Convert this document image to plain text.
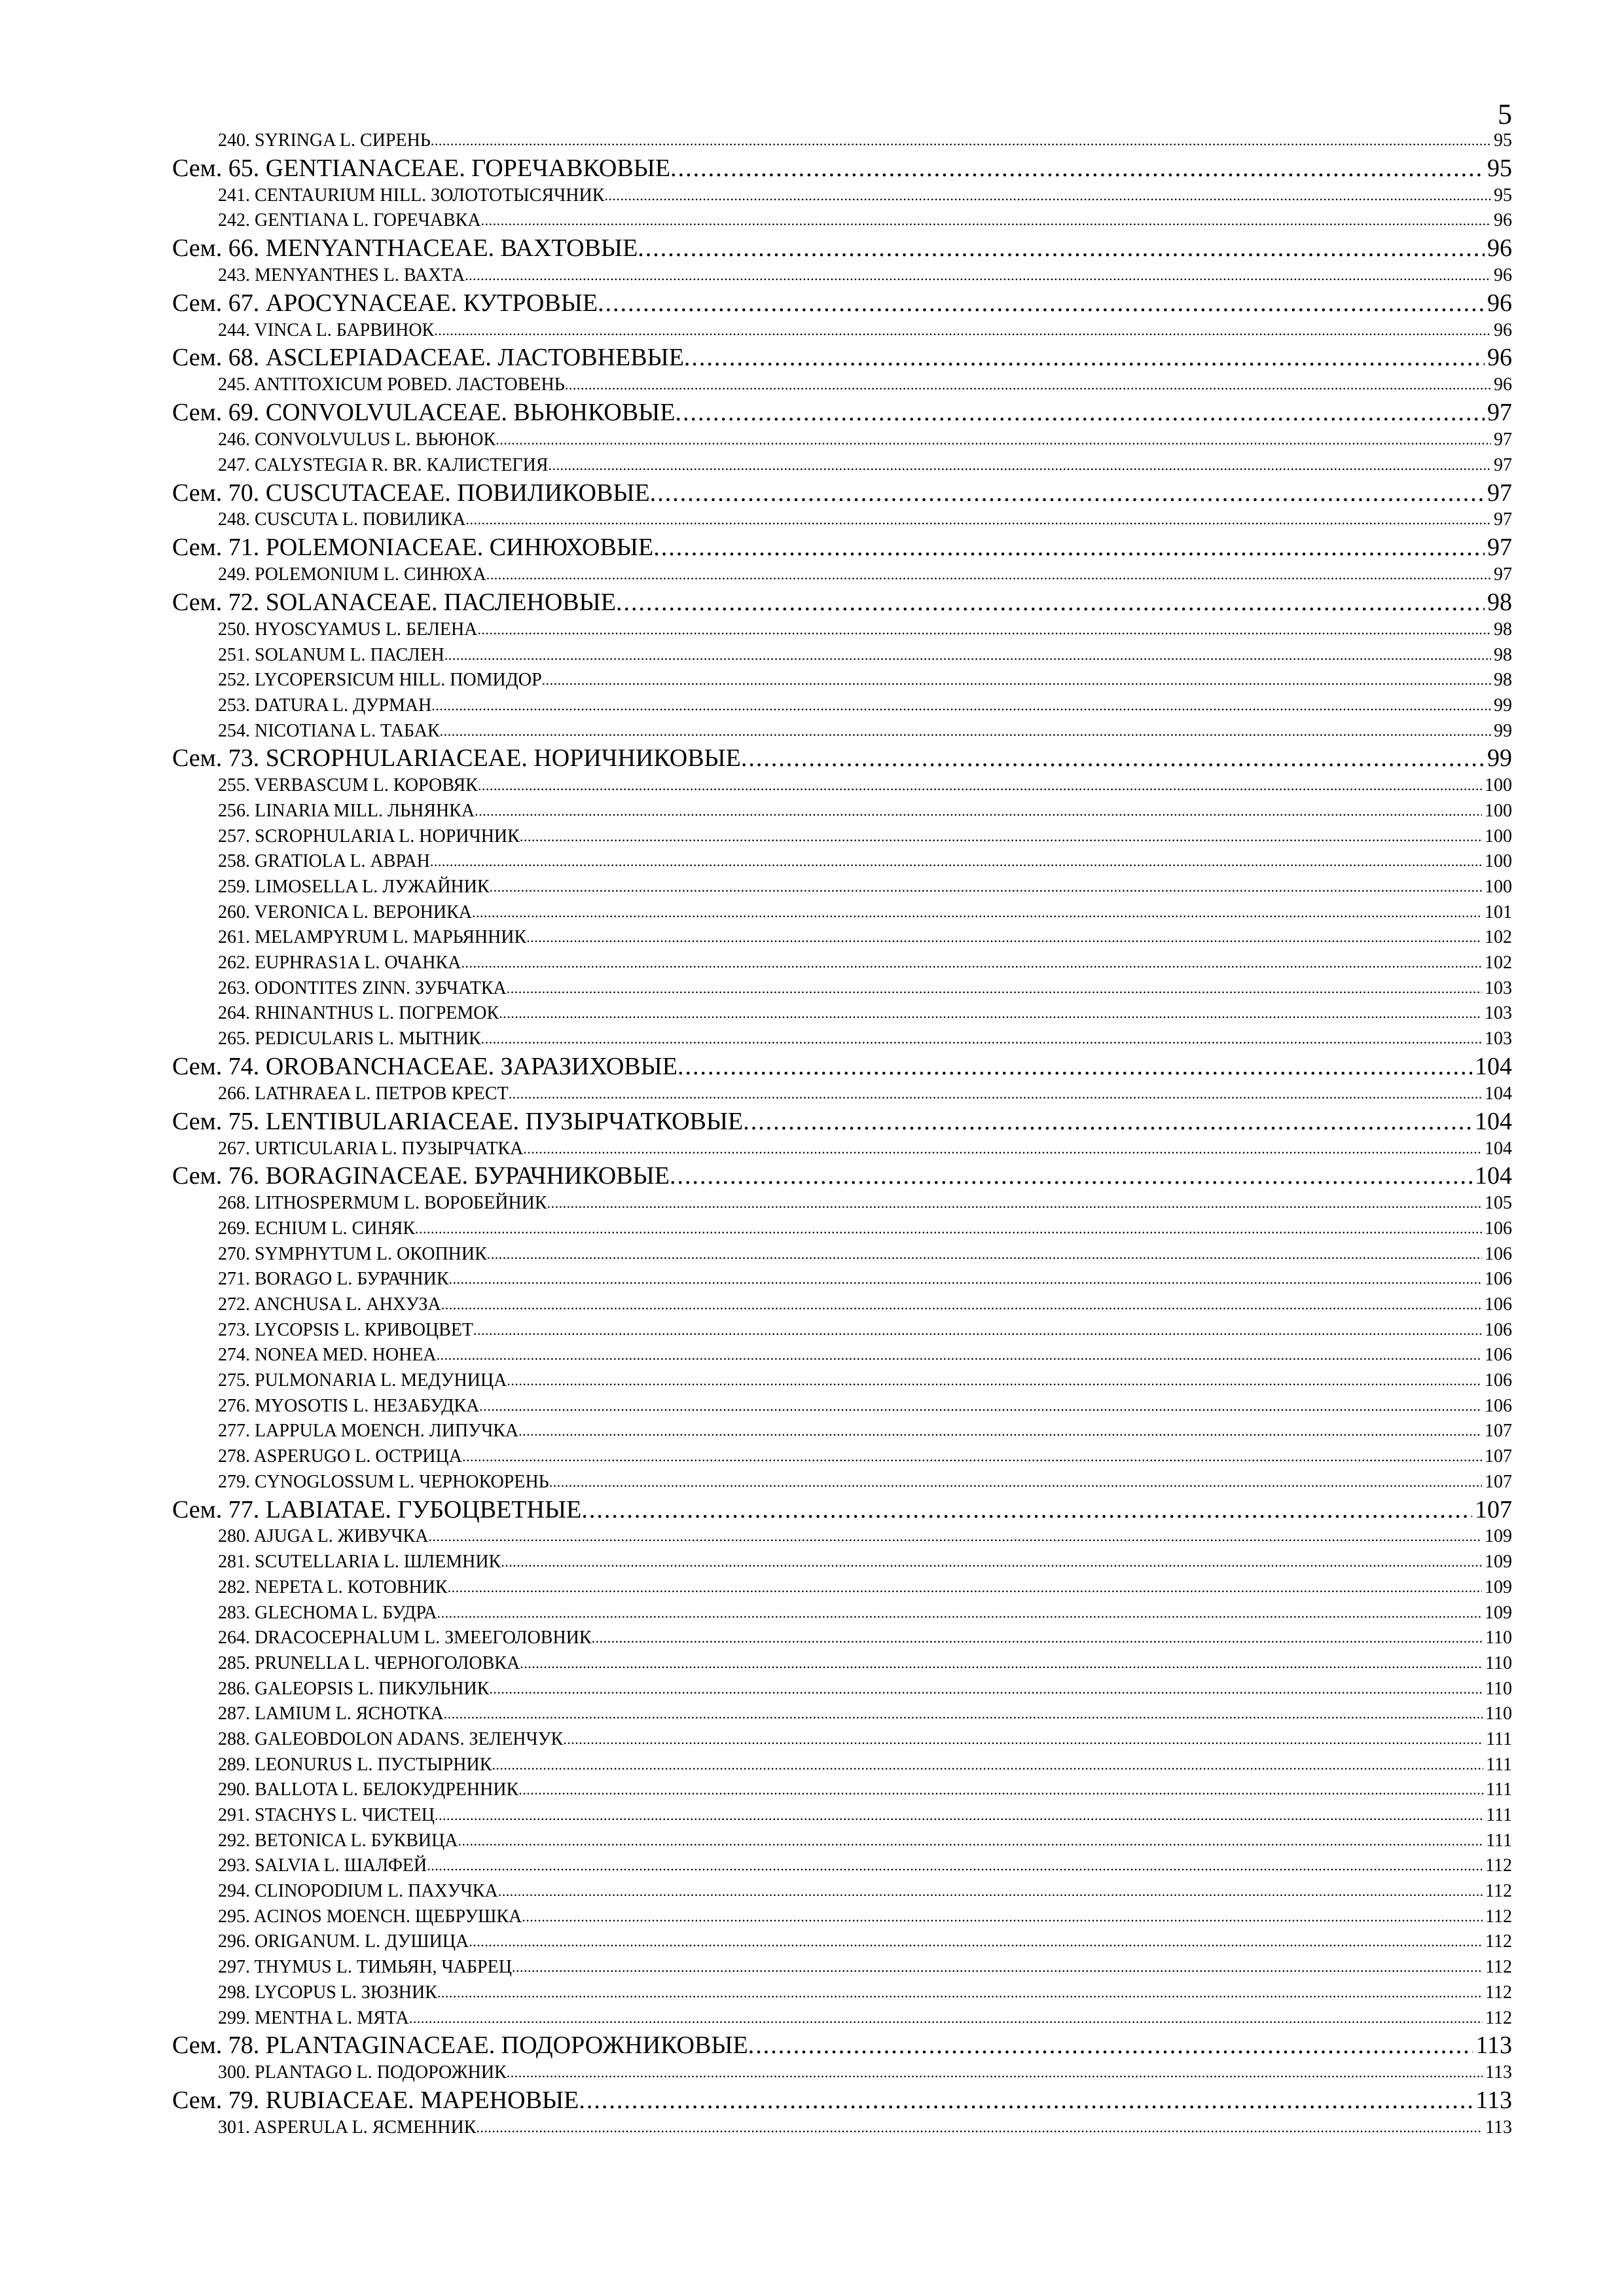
5
240. SYRINGA L. СИРЕНЬ .....	95
Сем. 65. GENTIANACEAE. ГОРЕЧАВКОВЫЕ .....	95
241. CENTAURIUM HILL. ЗОЛОТОТЫСЯЧНИК .....	95
242. GENTIANA L. ГОРЕЧАВКА .....	96
Сем. 66. MENYANTHACEAE. ВАХТОВЫЕ .....	96
243. MENYANTHES L. ВАХТА .....	96
Сем. 67. APOCYNACEAE. КУТРОВЫЕ .....	96
244. VINCA L. БАРВИНОК .....	96
Сем. 68. ASCLEPIADACEAE. ЛАСТОВНЕВЫЕ .....	96
245. ANTITOXICUM POBED. ЛАСТОВЕНЬ .....	96
Сем. 69. CONVOLVULACEAE. ВЬЮНКОВЫЕ .....	97
246. CONVOLVULUS L. ВЬЮНОК .....	97
247. CALYSTEGIA R. BR. КАЛИСТЕГИЯ .....	97
Сем. 70. CUSCUTACEAE. ПОВИЛИКОВЫЕ .....	97
248. CUSCUTA L. ПОВИЛИКА .....	97
Сем. 71. POLEMONIACEAE. СИНЮХОВЫЕ .....	97
249. POLEMONIUM L. СИНЮХА .....	97
Сем. 72. SOLANACEAE. ПАСЛЕНОВЫЕ .....	98
250. HYOSCYAMUS L. БЕЛЕНА .....	98
251. SOLANUM L. ПАСЛЕН .....	98
252. LYCOPERSICUM HILL. ПОМИДОР .....	98
253. DATURA L. ДУРМАН .....	99
254. NICOTIANA L. ТАБАК .....	99
Сем. 73. SCROPHULARIACEAE. НОРИЧНИКОВЫЕ .....	99
255. VERBASCUM L. КОРОВЯК .....	100
256. LINARIA MILL. ЛЬНЯНКА .....	100
257. SCROPHULARIA L. НОРИЧНИК .....	100
258. GRATIOLA L. АВРАН .....	100
259. LIMOSELLA L. ЛУЖАЙНИК .....	100
260. VERONICA L. ВЕРОНИКА .....	101
261. MELAMPYRUM L. МАРЬЯННИК .....	102
262. EUPHRAS1A L. ОЧАНКА .....	102
263. ODONTITES ZINN. ЗУБЧАТКА .....	103
264. RHINANTHUS L. ПОГРЕМОК .....	103
265. PEDICULARIS L. МЫТНИК .....	103
Сем. 74. OROBANCHACEAE. ЗАРАЗИХОВЫЕ .....	104
266. LATHRAEA L. ПЕТРОВ КРЕСТ .....	104
Сем. 75. LENTIBULARIACEAE. ПУЗЫРЧАТКОВЫЕ .....	104
267. URTICULARIA L. ПУЗЫРЧАТКА .....	104
Сем. 76. BORAGINACEAE. БУРАЧНИКОВЫЕ .....	104
268. LITHOSPERMUM L. ВОРОБЕЙНИК .....	105
269. ECHIUM L. СИНЯК .....	106
270. SYMPHYTUM L. ОКОПНИК .....	106
271. BORAGO L. БУРАЧНИК .....	106
272. ANCHUSA L. АНХУЗА .....	106
273. LYCOPSIS L. КРИВОЦВЕТ .....	106
274. NONEA MED. НОНЕА .....	106
275. PULMONARIA L. МЕДУНИЦА .....	106
276. MYOSOTIS L. НЕЗАБУДКА .....	106
277. LAPPULA MOENCH. ЛИПУЧКА .....	107
278. ASPERUGO L. ОСТРИЦА .....	107
279. CYNOGLOSSUM L. ЧЕРНОКОРЕНЬ .....	107
Сем. 77. LABIATAE. ГУБОЦВЕТНЫЕ .....	107
280. AJUGA L. ЖИВУЧКА .....	109
281. SCUTELLARIA L. ШЛЕМНИК .....	109
282. NEPETA L. КОТОВНИК .....	109
283. GLECHOMA L. БУДРА .....	109
264. DRACOCEPHALUM L. ЗМЕЕГОЛОВНИК .....	110
285. PRUNELLA L. ЧЕРНОГОЛОВКА .....	110
286. GALEOPSIS L. ПИКУЛЬНИК .....	110
287. LAMIUM L. ЯСНОТКА .....	110
288. GALEOBDOLON ADANS. ЗЕЛЕНЧУК .....	111
289. LEONURUS L. ПУСТЫРНИК .....	111
290. BALLOTA L. БЕЛОКУДРЕННИК .....	111
291. STACHYS L. ЧИСТЕЦ .....	111
292. BETONICA L. БУКВИЦА .....	111
293. SALVIA L. ШАЛФЕЙ .....	112
294. CLINOPODIUM L. ПАХУЧКА .....	112
295. ACINOS MOENCH. ЩЕБРУШКА .....	112
296. ORIGANUM. L. ДУШИЦА .....	112
297. THYMUS L. ТИМЬЯН, ЧАБРЕЦ .....	112
298. LYCOPUS L. ЗЮЗНИК .....	112
299. MENTHA L. МЯТА .....	112
Сем. 78. PLANTAGINACEAE. ПОДОРОЖНИКОВЫЕ .....	113
300. PLANTAGO L. ПОДОРОЖНИК .....	113
Сем. 79. RUBIACEAE. МАРЕНОВЫЕ .....	113
301. ASPERULA L. ЯСМЕННИК .....	113
